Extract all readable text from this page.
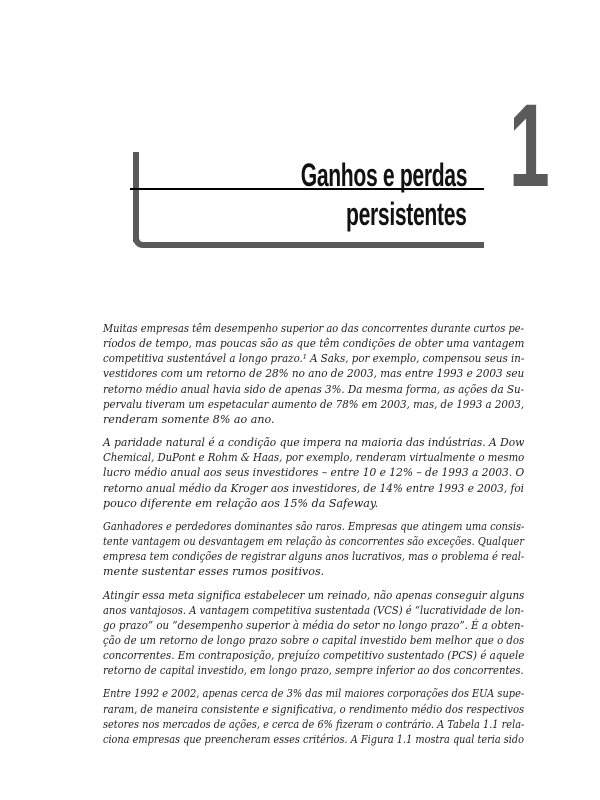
1
Ganhos e perdas
persistentes

Muitas empresas têm desempenho superior ao das concorrentes durante curtos pe-
ríodos de tempo, mas poucas são as que têm condições de obter uma vantagem
competitiva sustentável a longo prazo.¹ A Saks, por exemplo, compensou seus in-
vestidores com um retorno de 28% no ano de 2003, mas entre 1993 e 2003 seu
retorno médio anual havia sido de apenas 3%. Da mesma forma, as ações da Su-
pervalu tiveram um espetacular aumento de 78% em 2003, mas, de 1993 a 2003,
renderam somente 8% ao ano.

A paridade natural é a condição que impera na maioria das indústrias. A Dow
Chemical, DuPont e Rohm & Haas, por exemplo, renderam virtualmente o mesmo
lucro médio anual aos seus investidores – entre 10 e 12% – de 1993 a 2003. O
retorno anual médio da Kroger aos investidores, de 14% entre 1993 e 2003, foi
pouco diferente em relação aos 15% da Safeway.

Ganhadores e perdedores dominantes são raros. Empresas que atingem uma consis-
tente vantagem ou desvantagem em relação às concorrentes são exceções. Qualquer
empresa tem condições de registrar alguns anos lucrativos, mas o problema é real-
mente sustentar esses rumos positivos.

Atingir essa meta significa estabelecer um reinado, não apenas conseguir alguns
anos vantajosos. A vantagem competitiva sustentada (VCS) é “lucratividade de lon-
go prazo” ou “desempenho superior à média do setor no longo prazo”. É a obten-
ção de um retorno de longo prazo sobre o capital investido bem melhor que o dos
concorrentes. Em contraposição, prejuízo competitivo sustentado (PCS) é aquele
retorno de capital investido, em longo prazo, sempre inferior ao dos concorrentes.

Entre 1992 e 2002, apenas cerca de 3% das mil maiores corporações dos EUA supe-
raram, de maneira consistente e significativa, o rendimento médio dos respectivos
setores nos mercados de ações, e cerca de 6% fizeram o contrário. A Tabela 1.1 rela-
ciona empresas que preencheram esses critérios. A Figura 1.1 mostra qual teria sido
